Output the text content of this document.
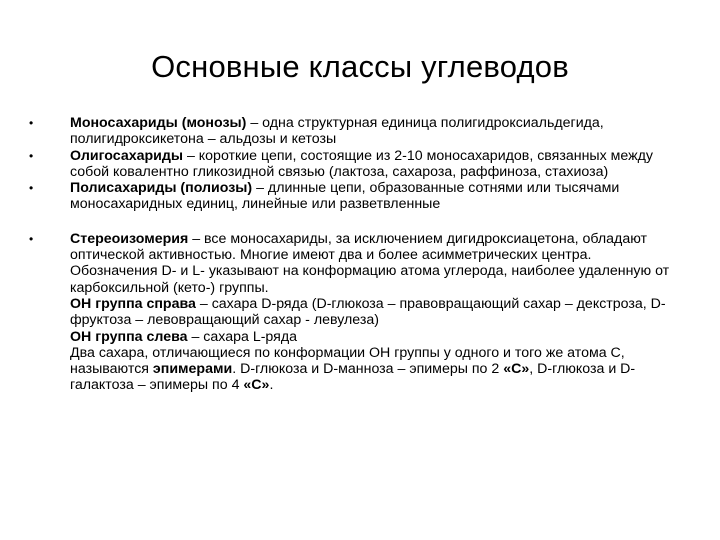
Основные классы углеводов

•	Моносахариды (монозы) – одна структурная единица полигидроксиальдегида, полигидроксикетона – альдозы и кетозы

•	Олигосахариды – короткие цепи, состоящие из 2-10 моносахаридов, связанных между собой ковалентно гликозидной связью (лактоза, сахароза, раффиноза, стахиоза)

•	Полисахариды (полиозы) – длинные цепи, образованные сотнями или тысячами моносахаридных единиц, линейные или разветвленные

•	Стереоизомерия – все моносахариды, за исключением дигидроксиацетона, обладают оптической активностью. Многие имеют два и более асимметрических центра. Обозначения D- и L- указывают на конформацию атома углерода, наиболее удаленную от карбоксильной (кето-) группы.
ОН группа справа – сахара D-ряда (D-глюкоза – правовращающий сахар – декстроза, D-фруктоза – левовращающий сахар - левулеза)
ОН группа слева – сахара L-ряда
Два сахара, отличающиеся по конформации ОН группы у одного и того же атома С, называются эпимерами. D-глюкоза и D-манноза – эпимеры по 2 «С», D-глюкоза и D-галактоза – эпимеры по 4 «С».
